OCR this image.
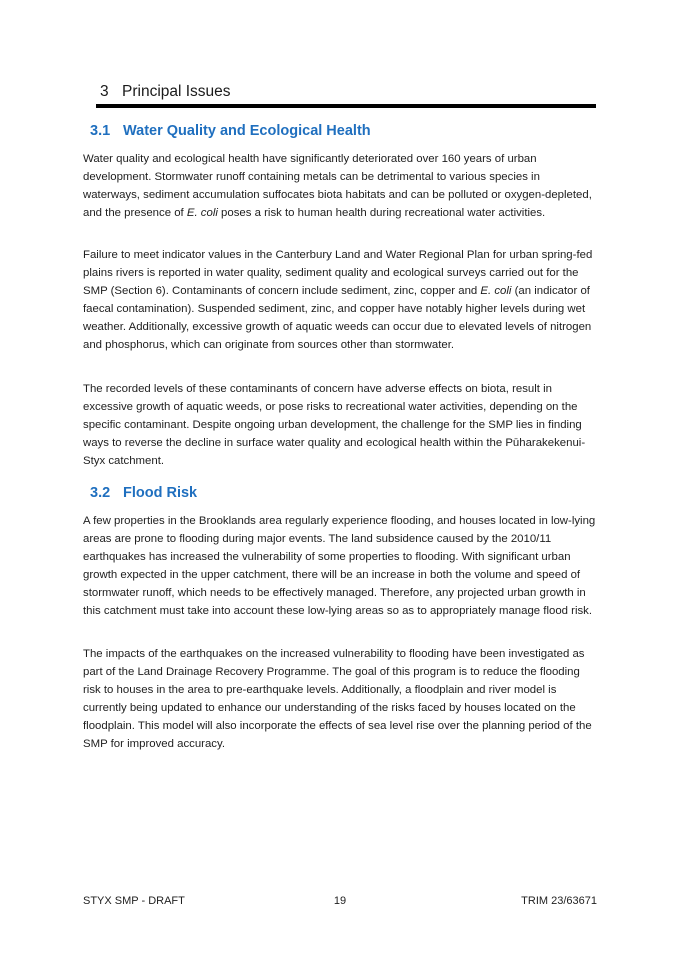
3 Principal Issues
3.1 Water Quality and Ecological Health

Water quality and ecological health have significantly deteriorated over 160 years of urban development. Stormwater runoff containing metals can be detrimental to various species in waterways, sediment accumulation suffocates biota habitats and can be polluted or oxygen-depleted, and the presence of E. coli poses a risk to human health during recreational water activities.

Failure to meet indicator values in the Canterbury Land and Water Regional Plan for urban spring-fed plains rivers is reported in water quality, sediment quality and ecological surveys carried out for the SMP (Section 6). Contaminants of concern include sediment, zinc, copper and E. coli (an indicator of faecal contamination). Suspended sediment, zinc, and copper have notably higher levels during wet weather. Additionally, excessive growth of aquatic weeds can occur due to elevated levels of nitrogen and phosphorus, which can originate from sources other than stormwater.

The recorded levels of these contaminants of concern have adverse effects on biota, result in excessive growth of aquatic weeds, or pose risks to recreational water activities, depending on the specific contaminant. Despite ongoing urban development, the challenge for the SMP lies in finding ways to reverse the decline in surface water quality and ecological health within the Pūharakekenui-Styx catchment.

3.2 Flood Risk

A few properties in the Brooklands area regularly experience flooding, and houses located in low-lying areas are prone to flooding during major events. The land subsidence caused by the 2010/11 earthquakes has increased the vulnerability of some properties to flooding. With significant urban growth expected in the upper catchment, there will be an increase in both the volume and speed of stormwater runoff, which needs to be effectively managed. Therefore, any projected urban growth in this catchment must take into account these low-lying areas so as to appropriately manage flood risk.

The impacts of the earthquakes on the increased vulnerability to flooding have been investigated as part of the Land Drainage Recovery Programme. The goal of this program is to reduce the flooding risk to houses in the area to pre-earthquake levels. Additionally, a floodplain and river model is currently being updated to enhance our understanding of the risks faced by houses located on the floodplain. This model will also incorporate the effects of sea level rise over the planning period of the SMP for improved accuracy.

STYX SMP - DRAFT	19	TRIM 23/63671
